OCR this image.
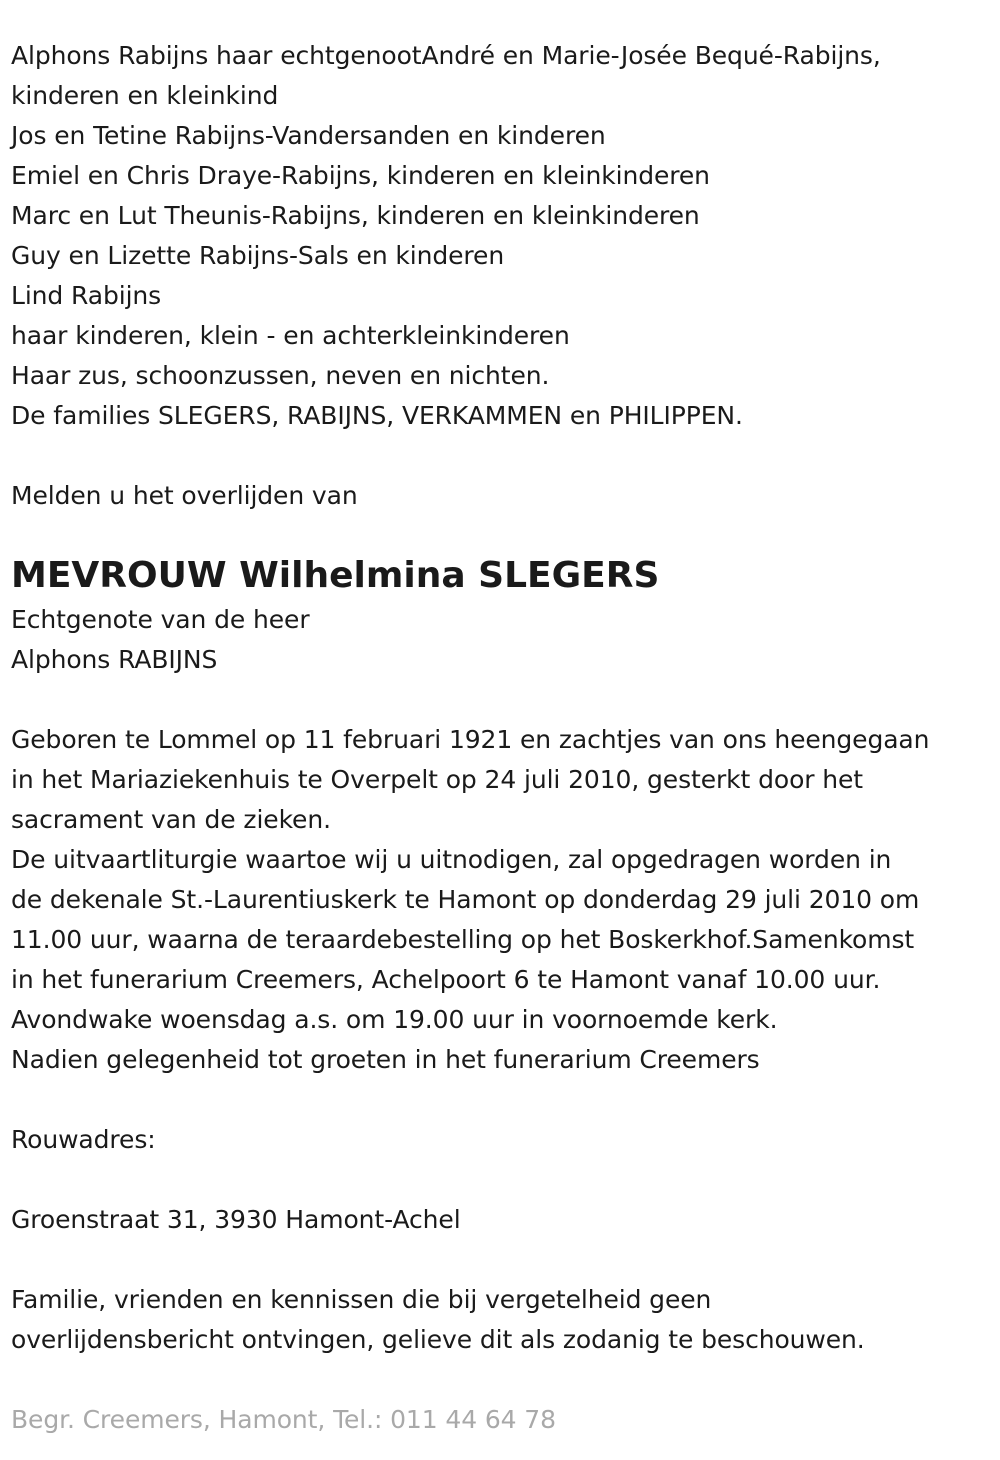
Alphons Rabijns haar echtgenootAndré en Marie-Josée Bequé-Rabijns,
kinderen en kleinkind
Jos en Tetine Rabijns-Vandersanden en kinderen
Emiel en Chris Draye-Rabijns, kinderen en kleinkinderen
Marc en Lut Theunis-Rabijns, kinderen en kleinkinderen
Guy en Lizette Rabijns-Sals en kinderen
Lind Rabijns
haar kinderen, klein - en achterkleinkinderen
Haar zus, schoonzussen, neven en nichten.
De families SLEGERS, RABIJNS, VERKAMMEN en PHILIPPEN.
Melden u het overlijden van
MEVROUW Wilhelmina SLEGERS
Echtgenote van de heer
Alphons RABIJNS
Geboren te Lommel op 11 februari 1921 en zachtjes van ons heengegaan
in het Mariaziekenhuis te Overpelt op 24 juli 2010, gesterkt door het
sacrament van de zieken.
De uitvaartliturgie waartoe wij u uitnodigen, zal opgedragen worden in
de dekenale St.-Laurentiuskerk te Hamont op donderdag 29 juli 2010 om
11.00 uur, waarna de teraardebestelling op het Boskerkhof.Samenkomst
in het funerarium Creemers, Achelpoort 6 te Hamont vanaf 10.00 uur.
Avondwake woensdag a.s. om 19.00 uur in voornoemde kerk.
Nadien gelegenheid tot groeten in het funerarium Creemers
Rouwadres:
Groenstraat 31, 3930 Hamont-Achel
Familie, vrienden en kennissen die bij vergetelheid geen
overlijdensbericht ontvingen, gelieve dit als zodanig te beschouwen.
Begr. Creemers, Hamont, Tel.: 011 44 64 78
